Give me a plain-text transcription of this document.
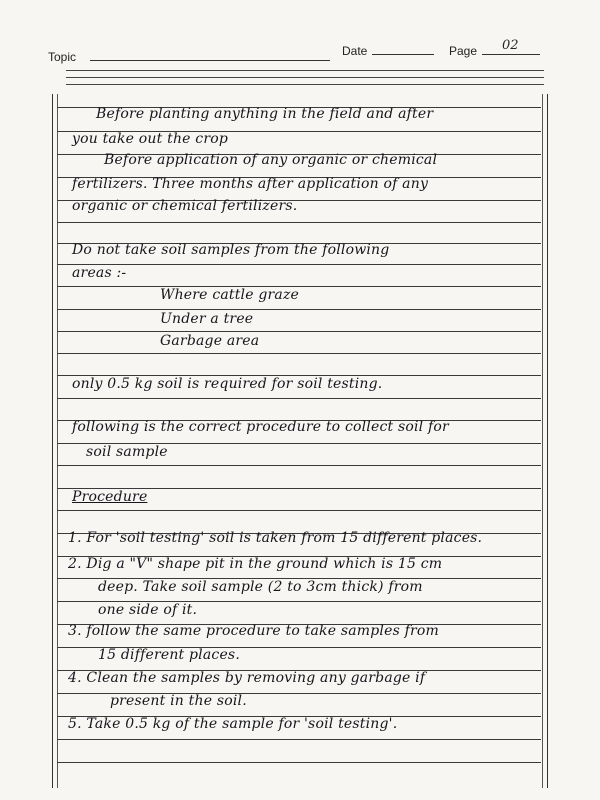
Topic	Date	Page 02
Before planting anything in the field and after
you take out the crop
Before application of any organic or chemical
fertilizers. Three months after application of any
organic or chemical fertilizers.
Do not take soil samples from the following
areas :-
Where cattle graze
Under a tree
Garbage area
only 0.5 kg soil is required for soil testing.
following is the correct procedure to collect soil for
soil sample
Procedure
1. For 'soil testing' soil is taken from 15 different places.
2. Dig a "V" shape pit in the ground which is 15 cm
deep. Take soil sample (2 to 3cm thick) from
one side of it.
3. follow the same procedure to take samples from
15 different places.
4. Clean the samples by removing any garbage if
present in the soil.
5. Take 0.5 kg of the sample for 'soil testing'.
